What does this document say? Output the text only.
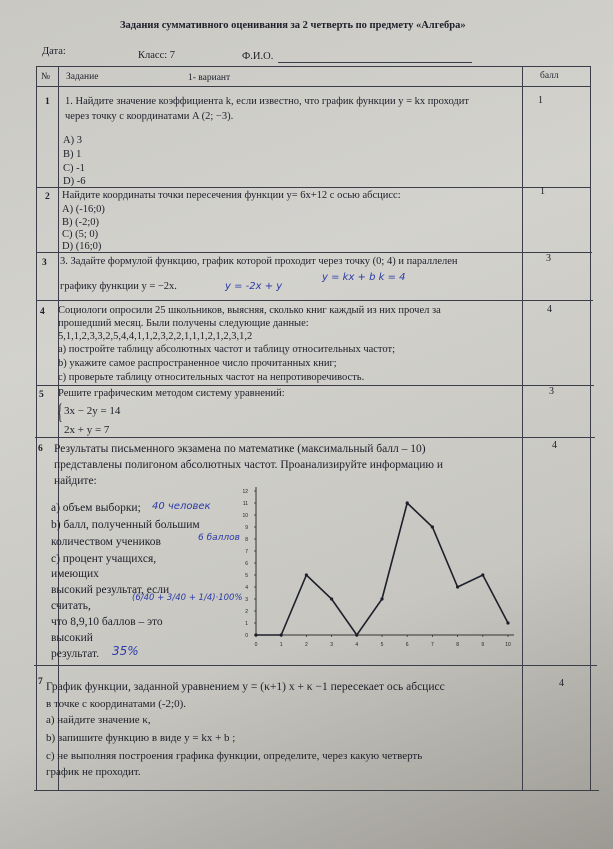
Задания суммативного оценивания за 2 четверть по предмету «Алгебра»
Дата:	Класс: 7	Ф.И.О.
№ Задание	1- вариант	балл
1 1. Найдите значение коэффициента k, если известно, что график функции y = kx проходит
через точку с координатами A (2; −3).
А) 3
В) 1
С) -1
D) -6
1
2 Найдите координаты точки пересечения функции y= 6x+12 с осью абсцисс:
А) (-16;0)
В) (-2;0)
С) (5; 0)
D) (16;0)
1
3 3. Задайте формулой функцию, график которой проходит через точку (0; 4) и параллелен
графику функции y = −2x.	y = -2x + y
y = kx + b k = 4
3
4 Социологи опросили 25 школьников, выясняя, сколько книг каждый из них прочел за
прошедший месяц. Были получены следующие данные:
5,1,1,2,3,3,2,5,4,4,1,1,2,3,2,2,1,1,1,2,1,2,3,1,2
а) постройте таблицу абсолютных частот и таблицу относительных частот;
b) укажите самое распространенное число прочитанных книг;
с) проверьте таблицу относительных частот на непротиворечивость.
4
5 Решите графическим методом систему уравнений:
{ 3x − 2y = 14
2x + y = 7
3
6 Результаты письменного экзамена по математике (максимальный балл – 10)
представлены полигоном абсолютных частот. Проанализируйте информацию и
найдите:
а) объем выборки;
b) балл, полученный большим
количеством учеников
с) процент учащихся,
имеющих
высокий результат, если
считать,
что 8,9,10 баллов – это
высокий
результат.
40 человек
6 баллов
(6/40 + 3/40 + 1/4)·100%
35%
4
0
1
2
3
4
5
6
7
8
9
10
11
12
0	1	2	3	4	5	6	7	8	9	10
7 График функции, заданной уравнением y = (κ+1) x + κ −1 пересекает ось абсцисс
в точке с координатами (-2;0).
а) найдите значение κ,
b) запишите функцию в виде y = kx + b ;
с) не выполняя построения графика функции, определите, через какую четверть
график не проходит.
4
